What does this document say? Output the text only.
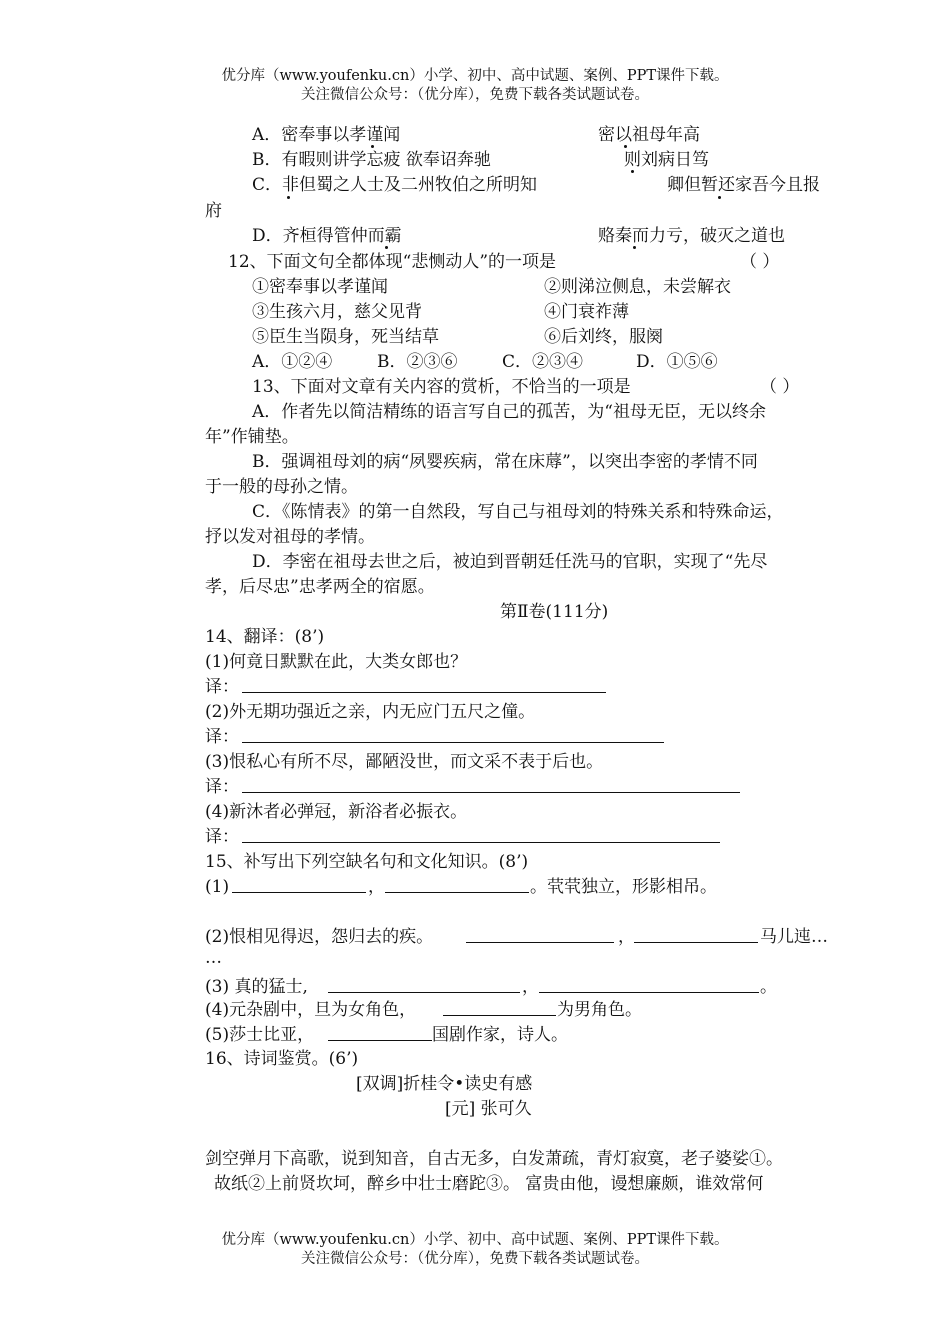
优分库（www.youfenku.cn）小学、初中、高中试题、案例、PPT课件下载。
关注微信公众号：（优分库），免费下载各类试题试卷。
A．密奉事以孝谨闻	密以祖母年高
B．有暇则讲学忘疲 欲奉诏奔驰	则刘病日笃
C．非但蜀之人士及二州牧伯之所明知	卿但暂还家吾今且报
府
D．齐桓得管仲而霸	赂秦而力亏，破灭之道也
12、下面文句全都体现“悲恻动人”的一项是	（ ）
①密奉事以孝谨闻	②则涕泣侧息，未尝解衣
③生孩六月，慈父见背	④门衰祚薄
⑤臣生当陨身，死当结草	⑥后刘终，服阕
A．①②④	B．②③⑥	C．②③④	D．①⑤⑥
13、下面对文章有关内容的赏析，不恰当的一项是	（ ）
A．作者先以简洁精练的语言写自己的孤苦，为“祖母无臣，无以终余
年”作铺垫。
B．强调祖母刘的病“夙婴疾病，常在床蓐”，以突出李密的孝情不同
于一般的母孙之情。
C．《陈情表》的第一自然段，写自己与祖母刘的特殊关系和特殊命运，
抒以发对祖母的孝情。
D．李密在祖母去世之后，被迫到晋朝廷任洗马的官职，实现了“先尽
孝，后尽忠”忠孝两全的宿愿。
第Ⅱ卷(111分)
14、翻译：(8’)
(1)何竟日默默在此，大类女郎也？
译：
(2)外无期功强近之亲，内无应门五尺之僮。
译：
(3)恨私心有所不尽，鄙陋没世，而文采不表于后也。
译：
(4)新沐者必弹冠，新浴者必振衣。
译：
15、补写出下列空缺名句和文化知识。(8’)
(1)	，	。茕茕独立，形影相吊。
(2)恨相见得迟，怨归去的疾。	，	马儿迍…
…
(3) 真的猛士,	，	。
(4)元杂剧中，旦为女角色，	为男角色。
(5)莎士比亚，	国剧作家，诗人。
16、诗词鉴赏。(6’)
[双调]折桂令•读史有感
[元] 张可久
剑空弹月下高歌，说到知音，自古无多，白发萧疏，青灯寂寞，老子婆娑①。
故纸②上前贤坎坷，醉乡中壮士磨跎③。 富贵由他，谩想廉颇，谁效常何
优分库（www.youfenku.cn）小学、初中、高中试题、案例、PPT课件下载。
关注微信公众号：（优分库），免费下载各类试题试卷。
